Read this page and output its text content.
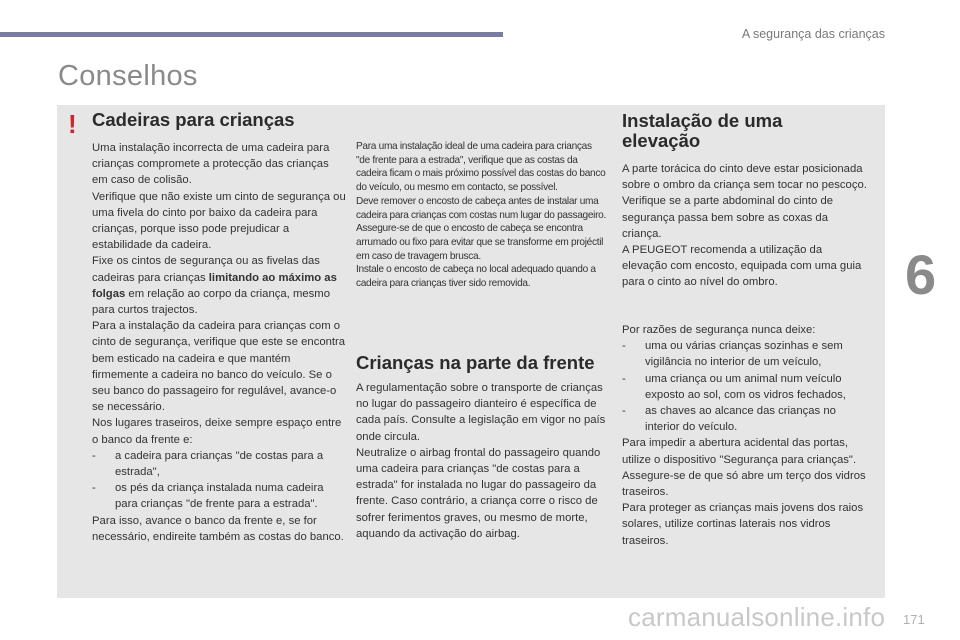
A segurança das crianças
Conselhos
6
171
! Cadeiras para crianças

Uma instalação incorrecta de uma cadeira para crianças compromete a protecção das crianças em caso de colisão.

Verifique que não existe um cinto de segurança ou uma fivela do cinto por baixo da cadeira para crianças, porque isso pode prejudicar a estabilidade da cadeira.

Fixe os cintos de segurança ou as fivelas das cadeiras para crianças limitando ao máximo as folgas em relação ao corpo da criança, mesmo para curtos trajectos.

Para a instalação da cadeira para crianças com o cinto de segurança, verifique que este se encontra bem esticado na cadeira e que mantém firmemente a cadeira no banco do veículo. Se o seu banco do passageiro for regulável, avance-o se necessário.

Nos lugares traseiros, deixe sempre espaço entre o banco da frente e:

-	a cadeira para crianças "de costas para a estrada",
-	os pés da criança instalada numa cadeira para crianças "de frente para a estrada".

Para isso, avance o banco da frente e, se for necessário, endireite também as costas do banco.

Para uma instalação ideal de uma cadeira para crianças "de frente para a estrada", verifique que as costas da cadeira ficam o mais próximo possível das costas do banco do veículo, ou mesmo em contacto, se possível.

Deve remover o encosto de cabeça antes de instalar uma cadeira para crianças com costas num lugar do passageiro.

Assegure-se de que o encosto de cabeça se encontra arrumado ou fixo para evitar que se transforme em projéctil em caso de travagem brusca.

Instale o encosto de cabeça no local adequado quando a cadeira para crianças tiver sido removida.

Crianças na parte da frente

A regulamentação sobre o transporte de crianças no lugar do passageiro dianteiro é específica de cada país. Consulte a legislação em vigor no país onde circula.

Neutralize o airbag frontal do passageiro quando uma cadeira para crianças "de costas para a estrada" for instalada no lugar do passageiro da frente. Caso contrário, a criança corre o risco de sofrer ferimentos graves, ou mesmo de morte, aquando da activação do airbag.

Instalação de uma elevação

A parte torácica do cinto deve estar posicionada sobre o ombro da criança sem tocar no pescoço.

Verifique se a parte abdominal do cinto de segurança passa bem sobre as coxas da criança.

A PEUGEOT recomenda a utilização da elevação com encosto, equipada com uma guia para o cinto ao nível do ombro.

Por razões de segurança nunca deixe:

-	uma ou várias crianças sozinhas e sem vigilância no interior de um veículo,
-	uma criança ou um animal num veículo exposto ao sol, com os vidros fechados,
-	as chaves ao alcance das crianças no interior do veículo.

Para impedir a abertura acidental das portas, utilize o dispositivo "Segurança para crianças".

Assegure-se de que só abre um terço dos vidros traseiros.

Para proteger as crianças mais jovens dos raios solares, utilize cortinas laterais nos vidros traseiros.

carmanualsonline.info
